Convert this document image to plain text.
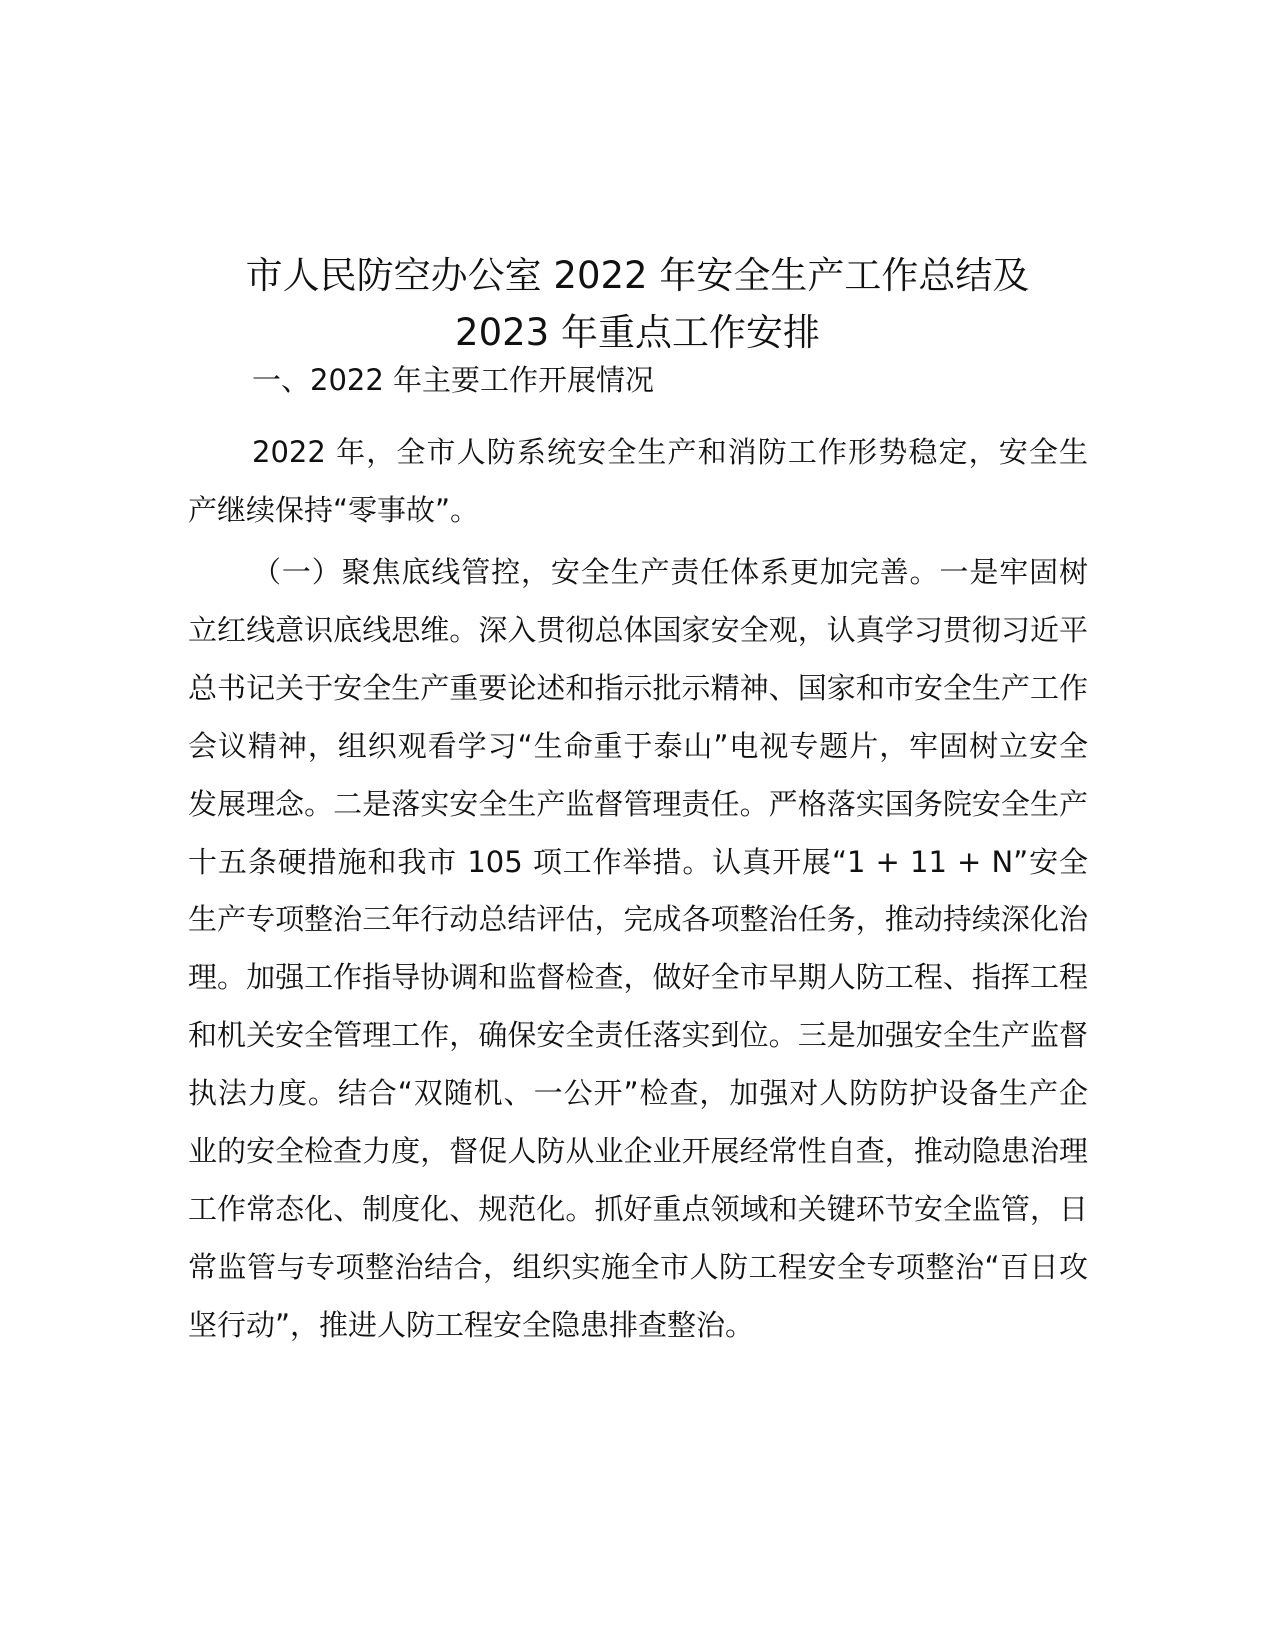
市人民防空办公室 2022 年安全生产工作总结及
2023 年重点工作安排
一、2022 年主要工作开展情况

2022 年，全市人防系统安全生产和消防工作形势稳定，安全生产继续保持“零事故”。

（一）聚焦底线管控，安全生产责任体系更加完善。一是牢固树立红线意识底线思维。深入贯彻总体国家安全观，认真学习贯彻习近平总书记关于安全生产重要论述和指示批示精神、国家和市安全生产工作会议精神，组织观看学习“生命重于泰山”电视专题片，牢固树立安全发展理念。二是落实安全生产监督管理责任。严格落实国务院安全生产十五条硬措施和我市 105 项工作举措。认真开展“1 + 11 + N”安全生产专项整治三年行动总结评估，完成各项整治任务，推动持续深化治理。加强工作指导协调和监督检查，做好全市早期人防工程、指挥工程和机关安全管理工作，确保安全责任落实到位。三是加强安全生产监督执法力度。结合“双随机、一公开”检查，加强对人防防护设备生产企业的安全检查力度，督促人防从业企业开展经常性自查，推动隐患治理工作常态化、制度化、规范化。抓好重点领域和关键环节安全监管，日常监管与专项整治结合，组织实施全市人防工程安全专项整治“百日攻坚行动”，推进人防工程安全隐患排查整治。
